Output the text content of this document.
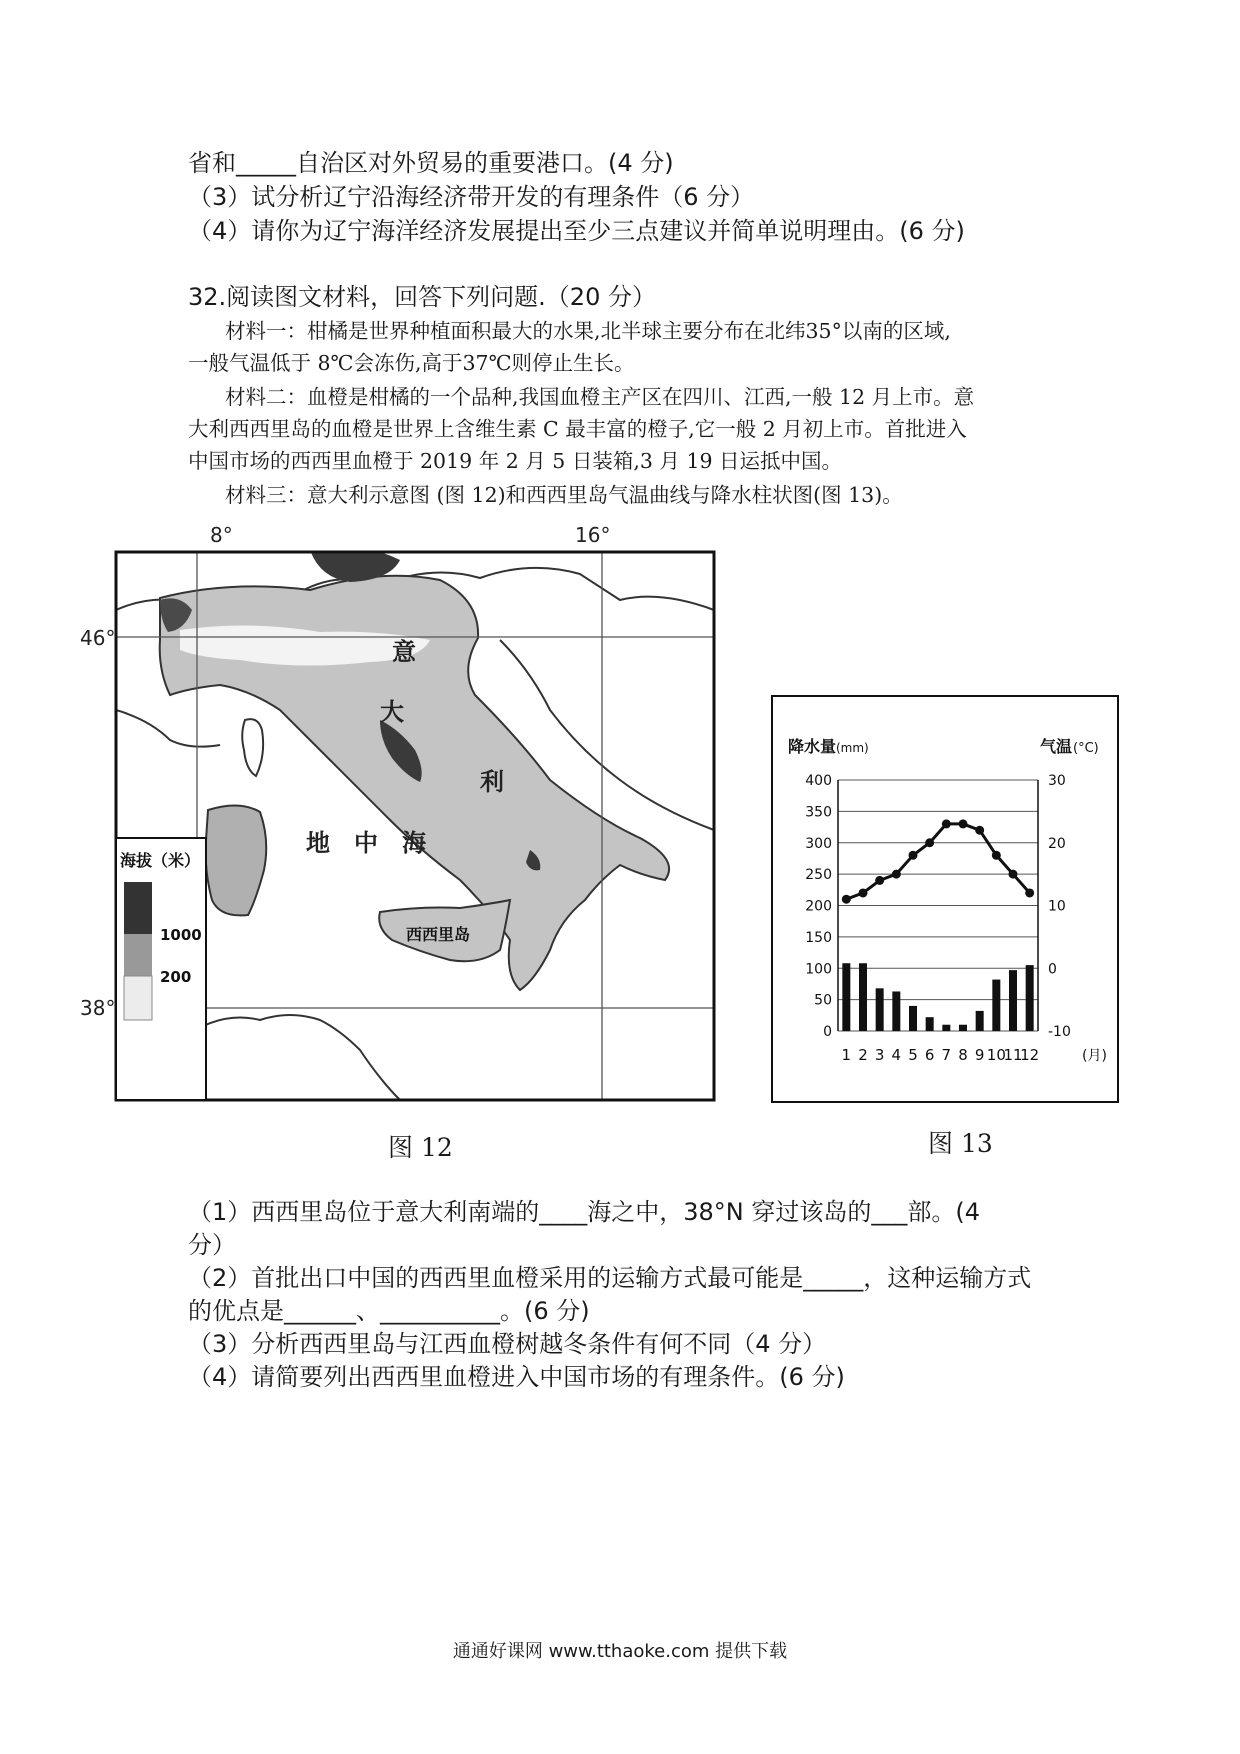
省和_____自治区对外贸易的重要港口。(4 分)
（3）试分析辽宁沿海经济带开发的有理条件（6 分）
（4）请你为辽宁海洋经济发展提出至少三点建议并简单说明理由。(6 分)
32.阅读图文材料，回答下列问题.（20 分）
材料一：柑橘是世界种植面积最大的水果,北半球主要分布在北纬35°以南的区域,
一般气温低于 8℃会冻伤,高于37℃则停止生长。
材料二：血橙是柑橘的一个品种,我国血橙主产区在四川、江西,一般 12 月上市。意
大利西西里岛的血橙是世界上含维生素 C 最丰富的橙子,它一般 2 月初上市。首批进入
中国市场的西西里血橙于 2019 年 2 月 5 日装箱,3 月 19 日运抵中国。
材料三：意大利示意图 (图 12)和西西里岛气温曲线与降水柱状图(图 13)。
8°	16°
46°
38°
意
大
利
地　中　海
西西里岛
海拔（米）
1000
200
图 12
降水量 (mm)	气温 (°C)
400
350
300
250
200
150
100
50
0
30
20
10
0
-10
1 2 3 4 5 6 7 8 9 10
11
12	(月)
图 13
（1）西西里岛位于意大利南端的____海之中，38°N 穿过该岛的___部。(4
分）
（2）首批出口中国的西西里血橙采用的运输方式最可能是_____，这种运输方式
的优点是______、__________。(6 分)
（3）分析西西里岛与江西血橙树越冬条件有何不同（4 分）
（4）请简要列出西西里血橙进入中国市场的有理条件。(6 分)
通通好课网 www.tthaoke.com 提供下载
